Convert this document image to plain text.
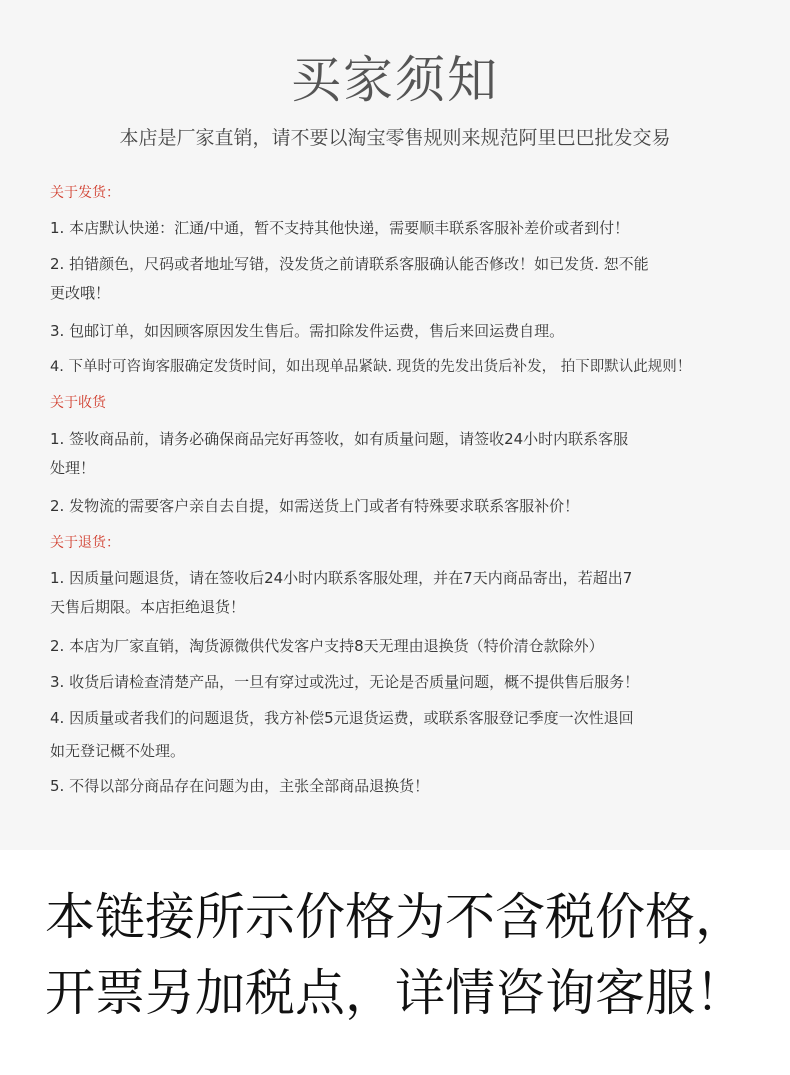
买家须知
本店是厂家直销，请不要以淘宝零售规则来规范阿里巴巴批发交易
关于发货：
1. 本店默认快递：汇通/中通，暂不支持其他快递，需要顺丰联系客服补差价或者到付！
2. 拍错颜色，尺码或者地址写错，没发货之前请联系客服确认能否修改！如已发货. 恕不能
更改哦！
3. 包邮订单，如因顾客原因发生售后。需扣除发件运费，售后来回运费自理。
4. 下单时可咨询客服确定发货时间，如出现单品紧缺. 现货的先发出货后补发， 拍下即默认此规则！
关于收货
1. 签收商品前，请务必确保商品完好再签收，如有质量问题，请签收24小时内联系客服
处理！
2. 发物流的需要客户亲自去自提，如需送货上门或者有特殊要求联系客服补价！
关于退货：
1. 因质量问题退货，请在签收后24小时内联系客服处理，并在7天内商品寄出，若超出7
天售后期限。本店拒绝退货！
2. 本店为厂家直销，淘货源微供代发客户支持8天无理由退换货（特价清仓款除外）
3. 收货后请检查清楚产品，一旦有穿过或洗过，无论是否质量问题，概不提供售后服务！
4. 因质量或者我们的问题退货，我方补偿5元退货运费，或联系客服登记季度一次性退回
如无登记概不处理。
5. 不得以部分商品存在问题为由，主张全部商品退换货！
本链接所示价格为不含税价格，
开票另加税点，详情咨询客服！
